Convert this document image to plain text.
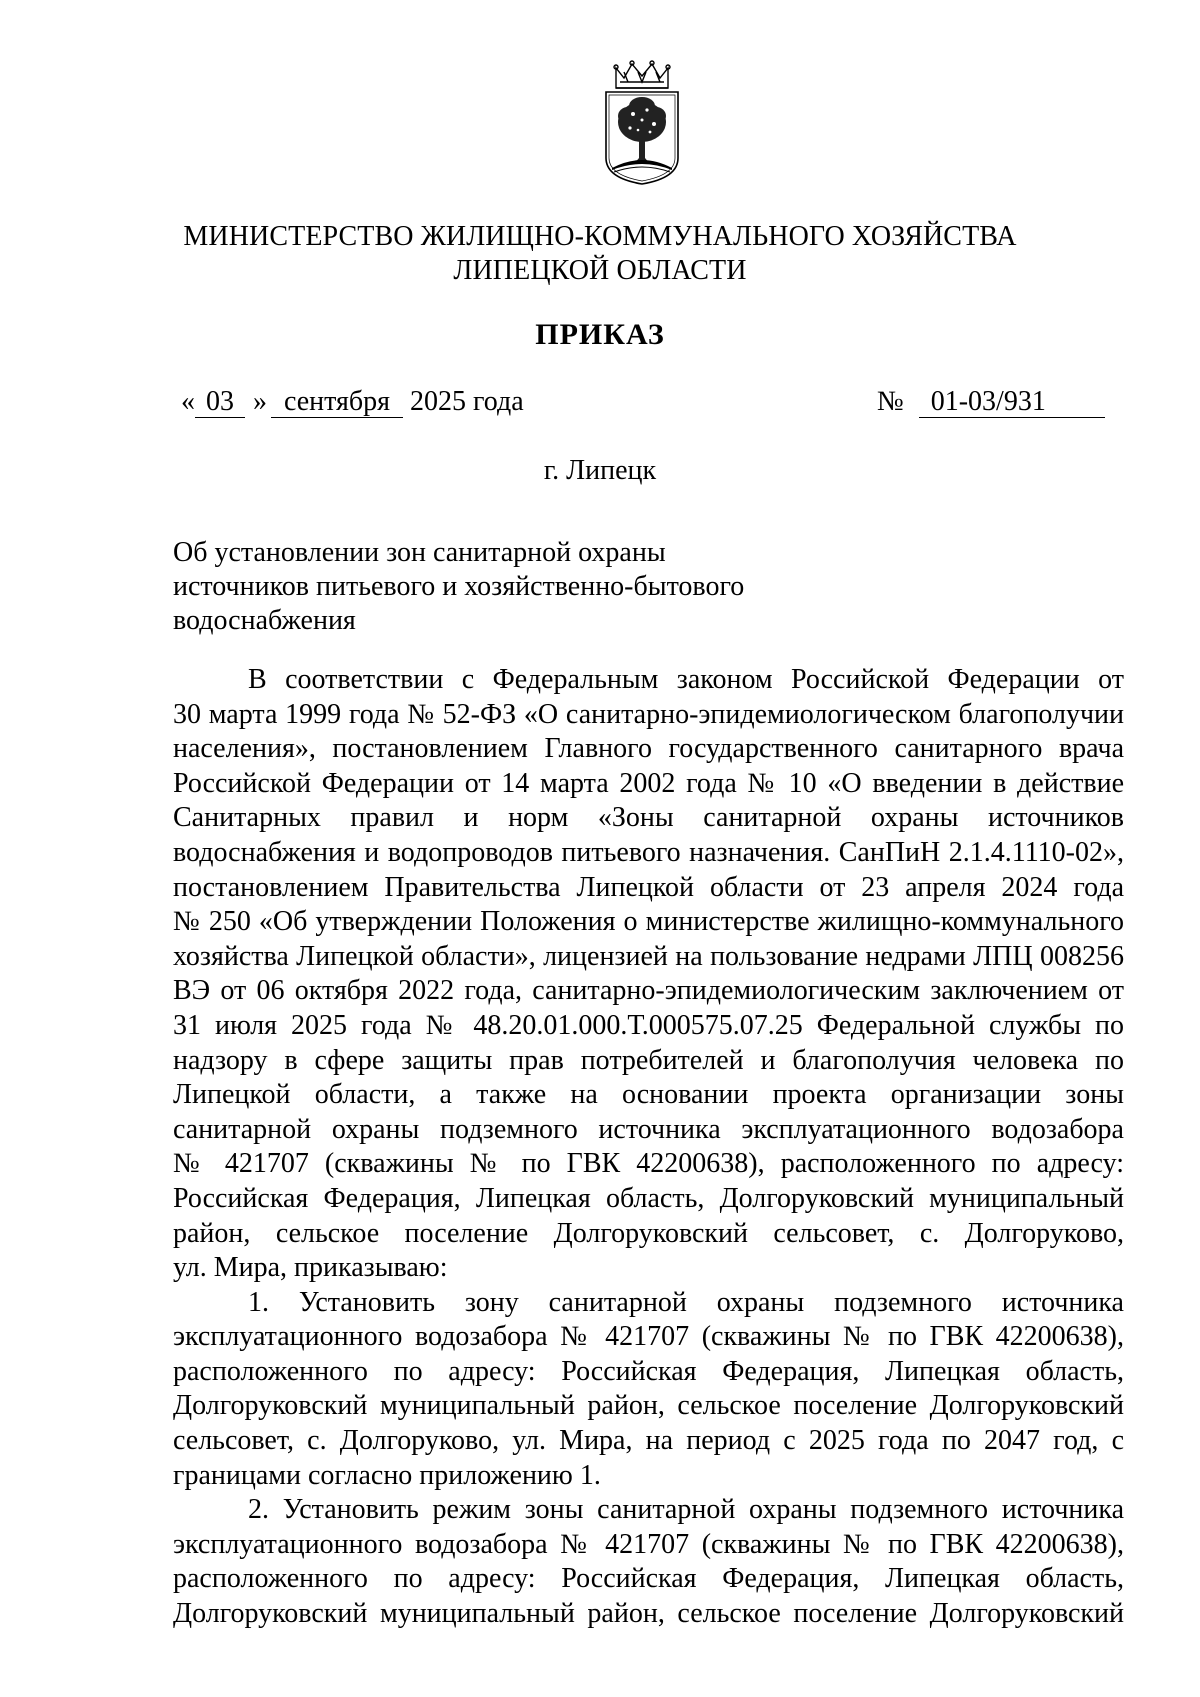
МИНИСТЕРСТВО ЖИЛИЩНО-КОММУНАЛЬНОГО ХОЗЯЙСТВА
ЛИПЕЦКОЙ ОБЛАСТИ
ПРИКАЗ
« 03 » сентября 2025 года	№ 01-03/931
г. Липецк
Об установлении зон санитарной охраны
источников питьевого и хозяйственно-бытового
водоснабжения
В соответствии с Федеральным законом Российской Федерации от
30 марта 1999 года № 52-ФЗ «О санитарно-эпидемиологическом благополучии
населения», постановлением Главного государственного санитарного врача
Российской Федерации от 14 марта 2002 года № 10 «О введении в действие
Санитарных правил и норм «Зоны санитарной охраны источников
водоснабжения и водопроводов питьевого назначения. СанПиН 2.1.4.1110-02»,
постановлением Правительства Липецкой области от 23 апреля 2024 года
№ 250 «Об утверждении Положения о министерстве жилищно-коммунального
хозяйства Липецкой области», лицензией на пользование недрами ЛПЦ 008256
ВЭ от 06 октября 2022 года, санитарно-эпидемиологическим заключением от
31 июля 2025 года № 48.20.01.000.Т.000575.07.25 Федеральной службы по
надзору в сфере защиты прав потребителей и благополучия человека по
Липецкой области, а также на основании проекта организации зоны
санитарной охраны подземного источника эксплуатационного водозабора
№ 421707 (скважины № по ГВК 42200638), расположенного по адресу:
Российская Федерация, Липецкая область, Долгоруковский муниципальный
район, сельское поселение Долгоруковский сельсовет, с. Долгоруково,
ул. Мира, приказываю:
1. Установить зону санитарной охраны подземного источника
эксплуатационного водозабора № 421707 (скважины № по ГВК 42200638),
расположенного по адресу: Российская Федерация, Липецкая область,
Долгоруковский муниципальный район, сельское поселение Долгоруковский
сельсовет, с. Долгоруково, ул. Мира, на период с 2025 года по 2047 год, с
границами согласно приложению 1.
2. Установить режим зоны санитарной охраны подземного источника
эксплуатационного водозабора № 421707 (скважины № по ГВК 42200638),
расположенного по адресу: Российская Федерация, Липецкая область,
Долгоруковский муниципальный район, сельское поселение Долгоруковский
